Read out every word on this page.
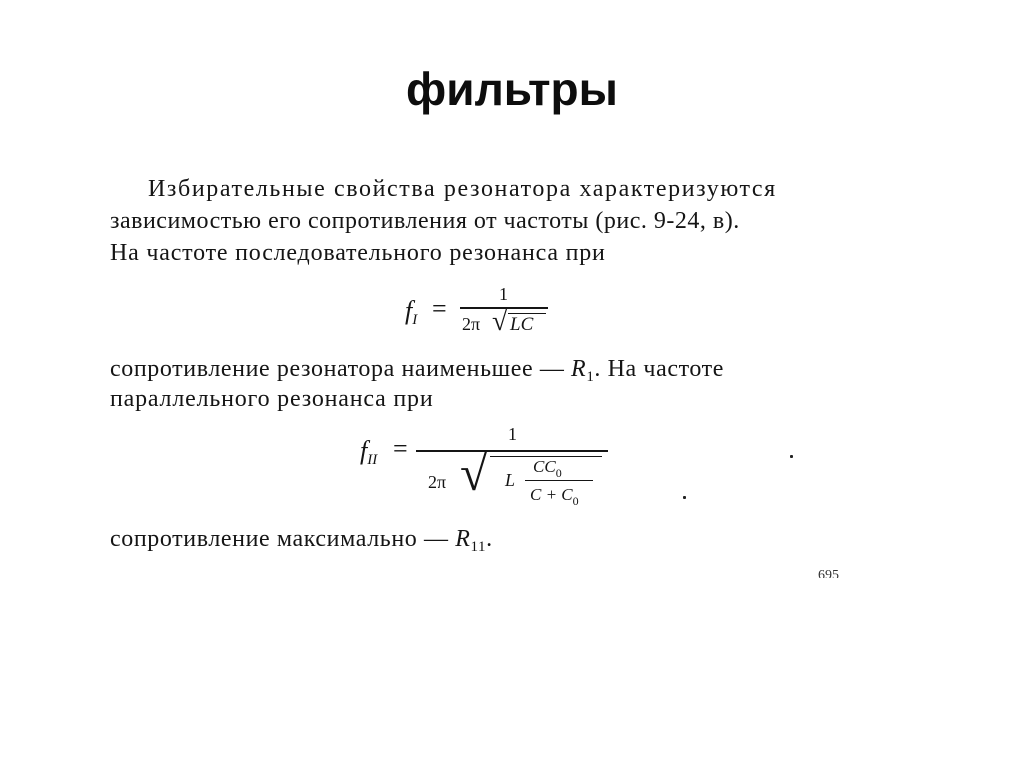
фильтры
Избирательные свойства резонатора характеризуются
зависимостью его сопротивления от частоты (рис. 9-24, в).
На частоте последовательного резонанса при
$f_I$ =	1
2π √ LC
сопротивление резонатора наименьшее — $R_1$. На частоте
параллельного резонанса при
$f_{II}$ =	1
2π √ L
$CC_0$
$C + C_0$
сопротивление максимально — $R_{11}$.
695
